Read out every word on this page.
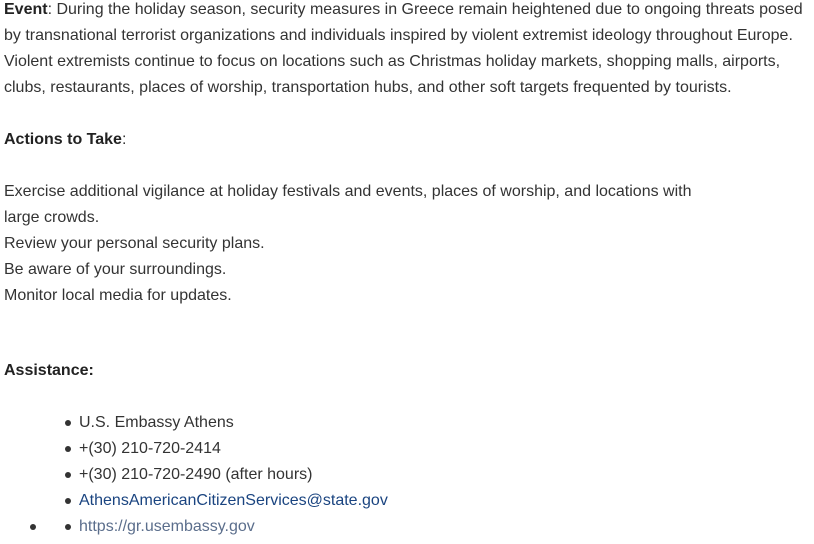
Event: During the holiday season, security measures in Greece remain heightened due to ongoing threats posed by transnational terrorist organizations and individuals inspired by violent extremist ideology throughout Europe. Violent extremists continue to focus on locations such as Christmas holiday markets, shopping malls, airports, clubs, restaurants, places of worship, transportation hubs, and other soft targets frequented by tourists.

Actions to Take:

Exercise additional vigilance at holiday festivals and events, places of worship, and locations with large crowds.
Review your personal security plans.
Be aware of your surroundings.
Monitor local media for updates.
Assistance:
U.S. Embassy Athens
+(30) 210-720-2414
+(30) 210-720-2490 (after hours)
AthensAmericanCitizenServices@state.gov
https://gr.usembassy.gov
